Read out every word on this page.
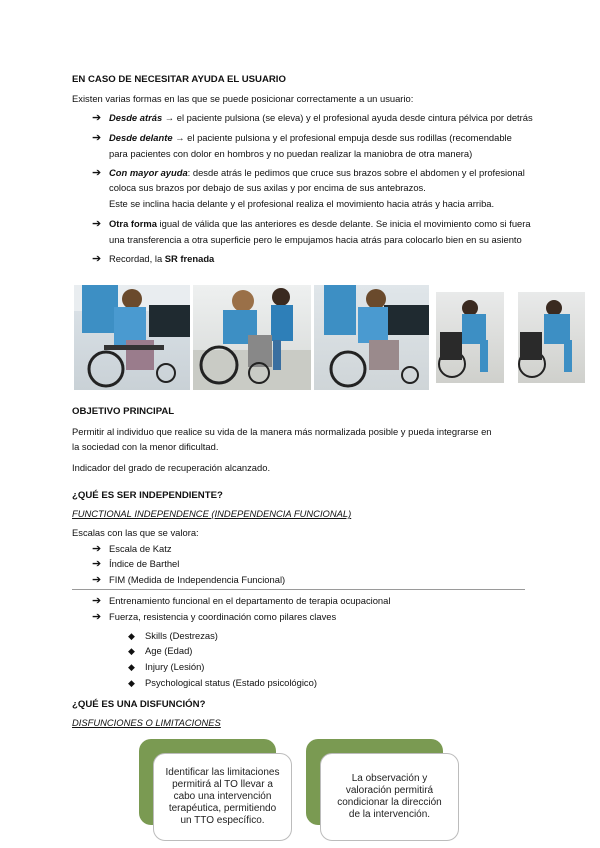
EN CASO DE NECESITAR AYUDA EL USUARIO
Existen varias formas en las que se puede posicionar correctamente a un usuario:
➔ Desde atrás → el paciente pulsiona (se eleva) y el profesional ayuda desde cintura pélvica por detrás
➔ Desde delante → el paciente pulsiona y el profesional empuja desde sus rodillas (recomendable
para pacientes con dolor en hombros y no puedan realizar la maniobra de otra manera)
➔ Con mayor ayuda: desde atrás le pedimos que cruce sus brazos sobre el abdomen y el profesional
coloca sus brazos por debajo de sus axilas y por encima de sus antebrazos.
Este se inclina hacia delante y el profesional realiza el movimiento hacia atrás y hacia arriba.
➔ Otra forma igual de válida que las anteriores es desde delante. Se inicia el movimiento como si fuera
una transferencia a otra superficie pero le empujamos hacia atrás para colocarlo bien en su asiento
➔ Recordad, la SR frenada
OBJETIVO PRINCIPAL
Permitir al individuo que realice su vida de la manera más normalizada posible y pueda integrarse en
la sociedad con la menor dificultad.
Indicador del grado de recuperación alcanzado.
¿QUÉ ES SER INDEPENDIENTE?
FUNCTIONAL INDEPENDENCE (INDEPENDENCIA FUNCIONAL)
Escalas con las que se valora:
➔ Escala de Katz
➔ Índice de Barthel
➔ FIM (Medida de Independencia Funcional)
➔ Entrenamiento funcional en el departamento de terapia ocupacional
➔ Fuerza, resistencia y coordinación como pilares claves
◆ Skills (Destrezas)
◆ Age (Edad)
◆ Injury (Lesión)
◆ Psychological status (Estado psicológico)
¿QUÉ ES UNA DISFUNCIÓN?
DISFUNCIONES O LIMITACIONES
Identificar las limitaciones
permitirá al TO llevar a
cabo una intervención
terapéutica, permitiendo
un TTO específico.
La observación y
valoración permitirá
condicionar la dirección
de la intervención.
